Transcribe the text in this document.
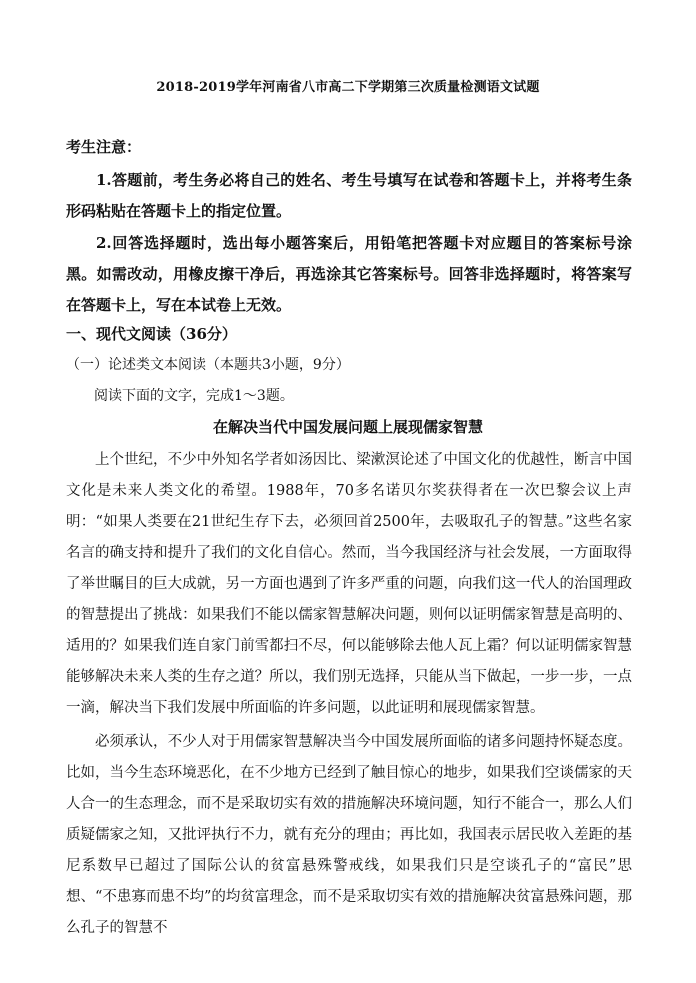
2018-2019学年河南省八市高二下学期第三次质量检测语文试题
考生注意：
1.答题前，考生务必将自己的姓名、考生号填写在试卷和答题卡上，并将考生条形码粘贴在答题卡上的指定位置。
2.回答选择题时，选出每小题答案后，用铅笔把答题卡对应题目的答案标号涂黑。如需改动，用橡皮擦干净后，再选涂其它答案标号。回答非选择题时，将答案写在答题卡上，写在本试卷上无效。
一、现代文阅读（36分）
（一）论述类文本阅读（本题共3小题，9分）
阅读下面的文字，完成1～3题。
在解决当代中国发展问题上展现儒家智慧
上个世纪，不少中外知名学者如汤因比、梁漱溟论述了中国文化的优越性，断言中国文化是未来人类文化的希望。1988年，70多名诺贝尔奖获得者在一次巴黎会议上声明：“如果人类要在21世纪生存下去，必须回首2500年，去吸取孔子的智慧。”这些名家名言的确支持和提升了我们的文化自信心。然而，当今我国经济与社会发展，一方面取得了举世瞩目的巨大成就，另一方面也遇到了许多严重的问题，向我们这一代人的治国理政的智慧提出了挑战：如果我们不能以儒家智慧解决问题，则何以证明儒家智慧是高明的、适用的？如果我们连自家门前雪都扫不尽，何以能够除去他人瓦上霜？何以证明儒家智慧能够解决未来人类的生存之道？所以，我们别无选择，只能从当下做起，一步一步，一点一滴，解决当下我们发展中所面临的许多问题，以此证明和展现儒家智慧。
必须承认，不少人对于用儒家智慧解决当今中国发展所面临的诸多问题持怀疑态度。比如，当今生态环境恶化，在不少地方已经到了触目惊心的地步，如果我们空谈儒家的天人合一的生态理念，而不是采取切实有效的措施解决环境问题，知行不能合一，那么人们质疑儒家之知，又批评执行不力，就有充分的理由；再比如，我国表示居民收入差距的基尼系数早已超过了国际公认的贫富悬殊警戒线，如果我们只是空谈孔子的“富民”思想、“不患寡而患不均”的均贫富理念，而不是采取切实有效的措施解决贫富悬殊问题，那么孔子的智慧不
